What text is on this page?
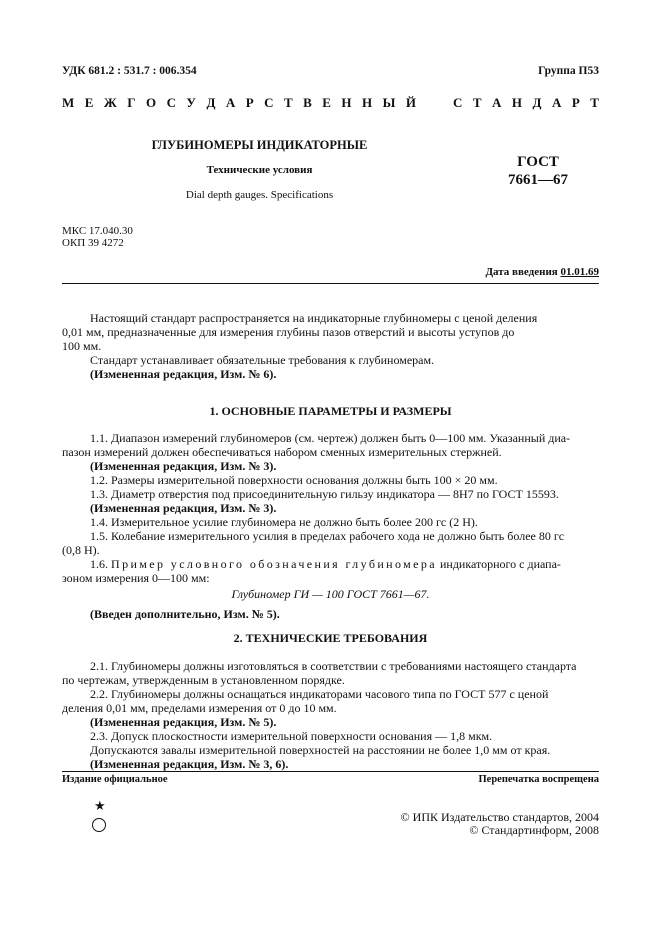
УДК 681.2 : 531.7 : 006.354	Группа П53
М Е Ж Г О С У Д А Р С Т В Е Н Н Ы Й	С Т А Н Д А Р Т
ГЛУБИНОМЕРЫ ИНДИКАТОРНЫЕ
Технические условия
Dial depth gauges. Specifications
ГОСТ
7661—67
МКС 17.040.30
ОКП 39 4272
Дата введения 01.01.69
Настоящий стандарт распространяется на индикаторные глубиномеры с ценой деления
0,01 мм, предназначенные для измерения глубины пазов отверстий и высоты уступов до
100 мм.
Стандарт устанавливает обязательные требования к глубиномерам.
(Измененная редакция, Изм. № 6).
1. ОСНОВНЫЕ ПАРАМЕТРЫ И РАЗМЕРЫ
1.1. Диапазон измерений глубиномеров (см. чертеж) должен быть 0—100 мм. Указанный диа-
пазон измерений должен обеспечиваться набором сменных измерительных стержней.
(Измененная редакция, Изм. № 3).
1.2. Размеры измерительной поверхности основания должны быть 100 × 20 мм.
1.3. Диаметр отверстия под присоединительную гильзу индикатора — 8Н7 по ГОСТ 15593.
(Измененная редакция, Изм. № 3).
1.4. Измерительное усилие глубиномера не должно быть более 200 гс (2 Н).
1.5. Колебание измерительного усилия в пределах рабочего хода не должно быть более 80 гс
(0,8 Н).
1.6. Пример условного обозначения глубиномера индикаторного с диапа-
зоном измерения 0—100 мм:
Глубиномер ГИ — 100 ГОСТ 7661—67.
(Введен дополнительно, Изм. № 5).
2. ТЕХНИЧЕСКИЕ ТРЕБОВАНИЯ
2.1. Глубиномеры должны изготовляться в соответствии с требованиями настоящего стандарта
по чертежам, утвержденным в установленном порядке.
2.2. Глубиномеры должны оснащаться индикаторами часового типа по ГОСТ 577 с ценой
деления 0,01 мм, пределами измерения от 0 до 10 мм.
(Измененная редакция, Изм. № 5).
2.3. Допуск плоскостности измерительной поверхности основания — 1,8 мкм.
Допускаются завалы измерительной поверхностей на расстоянии не более 1,0 мм от края.
(Измененная редакция, Изм. № 3, 6).
Издание официальное	Перепечатка воспрещена
★
© ИПК Издательство стандартов, 2004
© Стандартинформ, 2008
